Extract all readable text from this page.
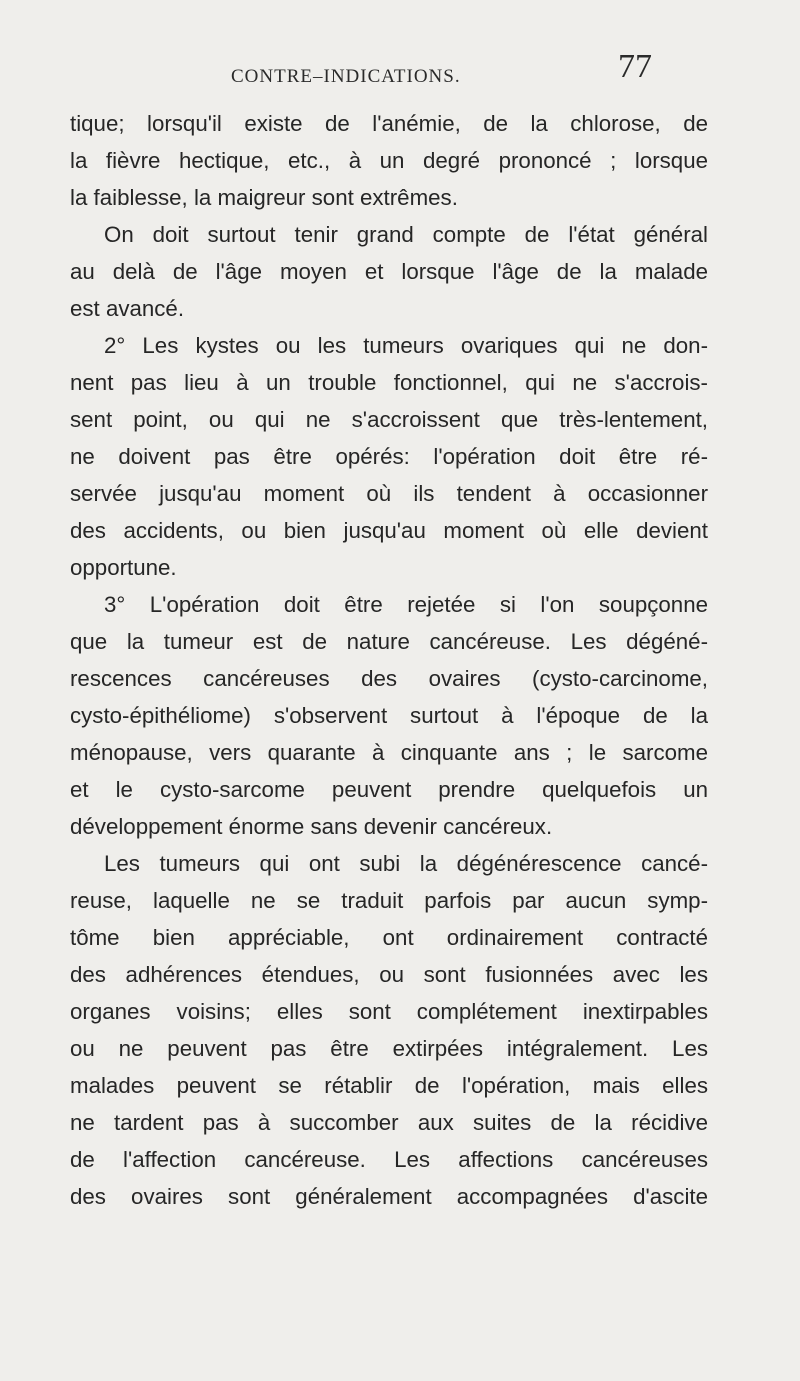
CONTRE–INDICATIONS.	77
tique; lorsqu'il existe de l'anémie, de la chlorose, de
la fièvre hectique, etc., à un degré prononcé ; lorsque
la faiblesse, la maigreur sont extrêmes.
On doit surtout tenir grand compte de l'état général
au delà de l'âge moyen et lorsque l'âge de la malade
est avancé.
2° Les kystes ou les tumeurs ovariques qui ne don-
nent pas lieu à un trouble fonctionnel, qui ne s'accrois-
sent point, ou qui ne s'accroissent que très-lentement,
ne doivent pas être opérés: l'opération doit être ré-
servée jusqu'au moment où ils tendent à occasionner
des accidents, ou bien jusqu'au moment où elle devient
opportune.
3° L'opération doit être rejetée si l'on soupçonne
que la tumeur est de nature cancéreuse. Les dégéné-
rescences cancéreuses des ovaires (cysto-carcinome,
cysto-épithéliome) s'observent surtout à l'époque de la
ménopause, vers quarante à cinquante ans ; le sarcome
et le cysto-sarcome peuvent prendre quelquefois un
développement énorme sans devenir cancéreux.
Les tumeurs qui ont subi la dégénérescence cancé-
reuse, laquelle ne se traduit parfois par aucun symp-
tôme bien appréciable, ont ordinairement contracté
des adhérences étendues, ou sont fusionnées avec les
organes voisins; elles sont complétement inextirpables
ou ne peuvent pas être extirpées intégralement. Les
malades peuvent se rétablir de l'opération, mais elles
ne tardent pas à succomber aux suites de la récidive
de l'affection cancéreuse. Les affections cancéreuses
des ovaires sont généralement accompagnées d'ascite
